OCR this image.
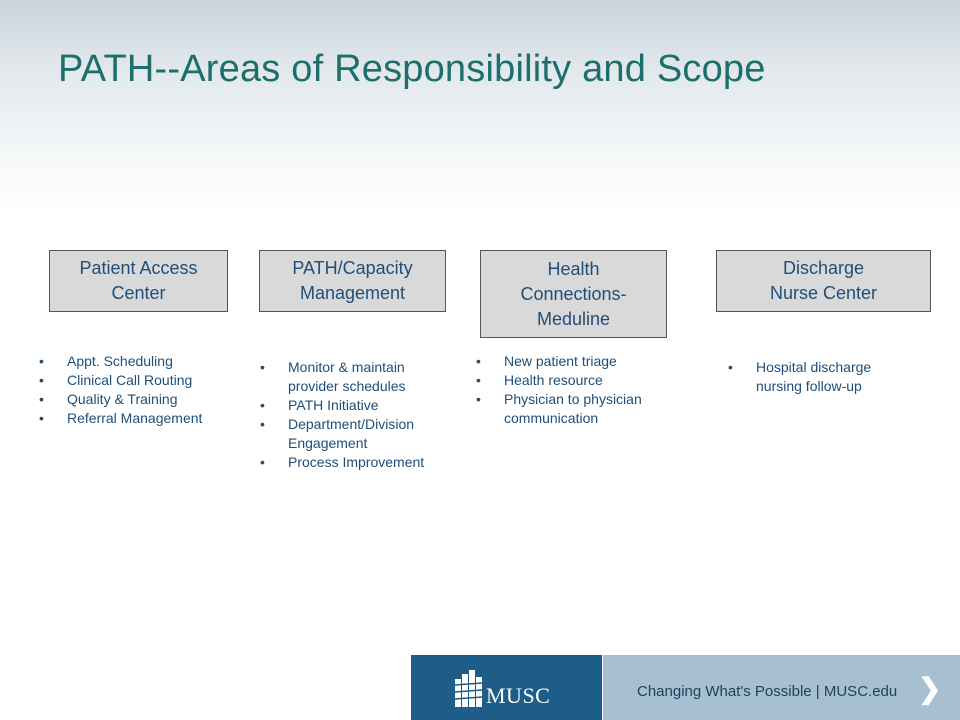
PATH--Areas of Responsibility and Scope
Patient Access
Center
• Appt. Scheduling
• Clinical Call Routing
• Quality & Training
• Referral Management
PATH/Capacity
Management
• Monitor & maintain provider schedules
• PATH Initiative
• Department/Division Engagement
• Process Improvement
Health
Connections-
Meduline
• New patient triage
• Health resource
• Physician to physician communication
Discharge
Nurse Center
• Hospital discharge nursing follow-up
MUSC	Changing What's Possible | MUSC.edu ❯
